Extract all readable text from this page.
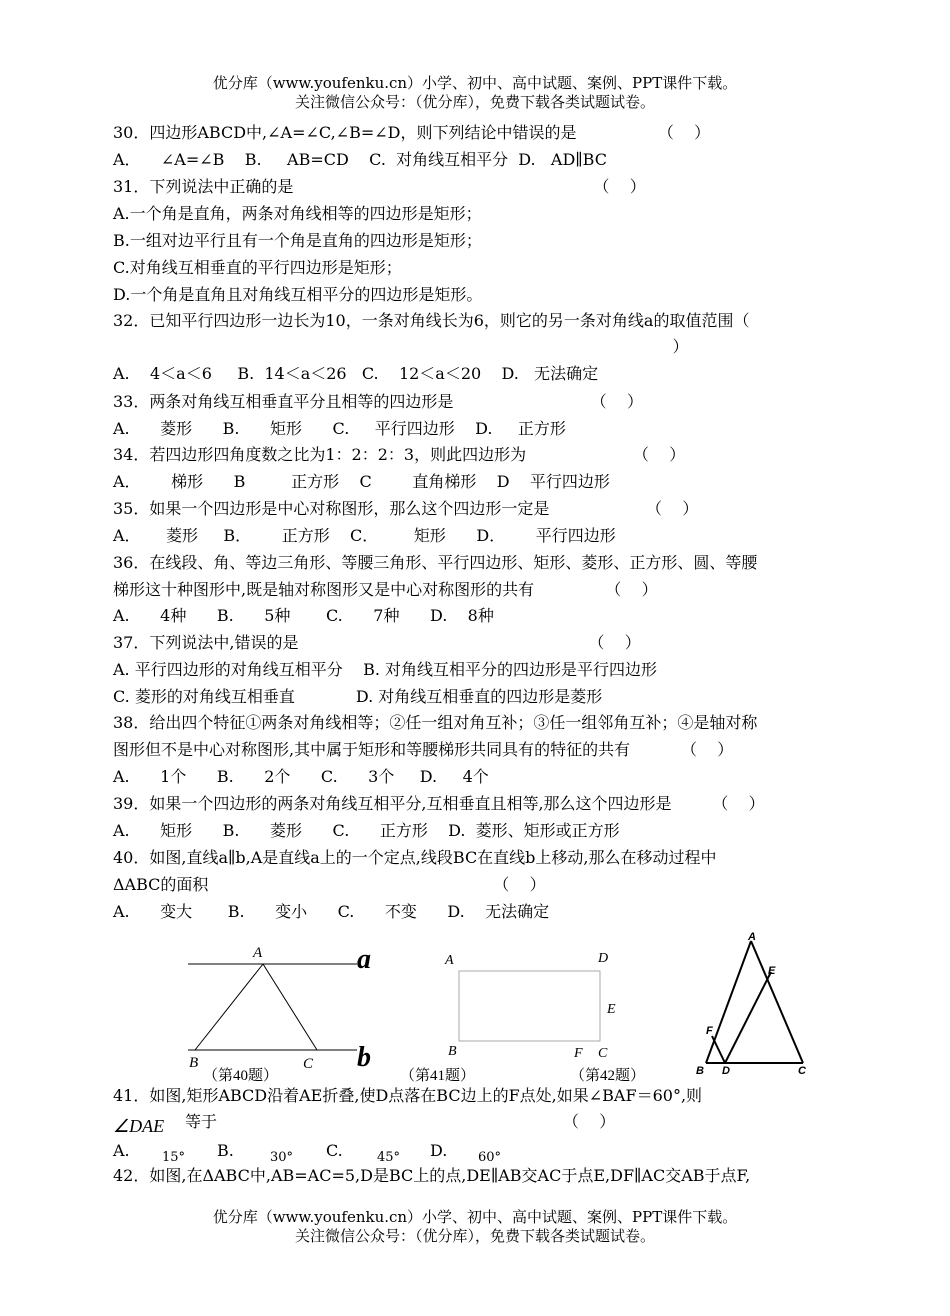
优分库（www.youfenku.cn）小学、初中、高中试题、案例、PPT课件下载。
关注微信公众号：（优分库），免费下载各类试题试卷。
30．四边形ABCD中,∠A=∠C,∠B=∠D，则下列结论中错误的是                （    ）
A．    ∠A=∠B    B.     AB=CD    C.  对角线互相平分  D.   AD∥BC
31．下列说法中正确的是                                                           （    ）
A.一个角是直角，两条对角线相等的四边形是矩形；
B.一组对边平行且有一个角是直角的四边形是矩形；
C.对角线互相垂直的平行四边形是矩形；
D.一个角是直角且对角线互相平分的四边形是矩形。
32．已知平行四边形一边长为10，一条对角线长为6，则它的另一条对角线a的取值范围（
）
A.    4＜a＜6     B.  14＜a＜26   C.    12＜a＜20    D.   无法确定
33．两条对角线互相垂直平分且相等的四边形是                           （    ）
A.      菱形      B.      矩形      C.     平行四边形    D.     正方形
34．若四边形四角度数之比为1：2：2：3，则此四边形为                     （    ）
A．      梯形      B         正方形    C        直角梯形    D    平行四边形
35．如果一个四边形是中心对称图形，那么这个四边形一定是                   （    ）
A．     菱形     B．      正方形    C．       矩形      D．      平行四边形
36．在线段、角、等边三角形、等腰三角形、平行四边形、矩形、菱形、正方形、圆、等腰
梯形这十种图形中,既是轴对称图形又是中心对称图形的共有              （    ）
A.      4种      B.      5种       C.      7种      D.    8种
37．下列说法中,错误的是                                                         （    ）
A. 平行四边形的对角线互相平分    B. 对角线互相平分的四边形是平行四边形
C. 菱形的对角线互相垂直            D. 对角线互相垂直的四边形是菱形
38．给出四个特征①两条对角线相等；②任一组对角互补；③任一组邻角互补；④是轴对称
图形但不是中心对称图形,其中属于矩形和等腰梯形共同具有的特征的共有          （    ）
A.      1个      B.      2个      C.      3个     D.     4个
39．如果一个四边形的两条对角线互相平分,互相垂直且相等,那么这个四边形是        （    ）
A.      矩形      B.      菱形      C.      正方形    D.  菱形、矩形或正方形
40．如图,直线a∥b,A是直线a上的一个定点,线段BC在直线b上移动,那么在移动过程中
ΔABC的面积                                                        （    ）
A.      变大       B.      变小      C.      不变      D.    无法确定
A
B	C
a
b
（第40题）
A	D
E
B	F C
（第41题）
A
E
F
B D	C
（第42题）
41．如图,矩形ABCD沿着AE折叠,使D点落在BC边上的F点处,如果∠BAF＝60°,则
∠DAE 等于                                                                    （    ）
A. 15° B.	30° C.	45° D. 60°
42．如图,在ΔABC中,AB=AC=5,D是BC上的点,DE∥AB交AC于点E,DF∥AC交AB于点F,
优分库（www.youfenku.cn）小学、初中、高中试题、案例、PPT课件下载。
关注微信公众号：（优分库），免费下载各类试题试卷。
